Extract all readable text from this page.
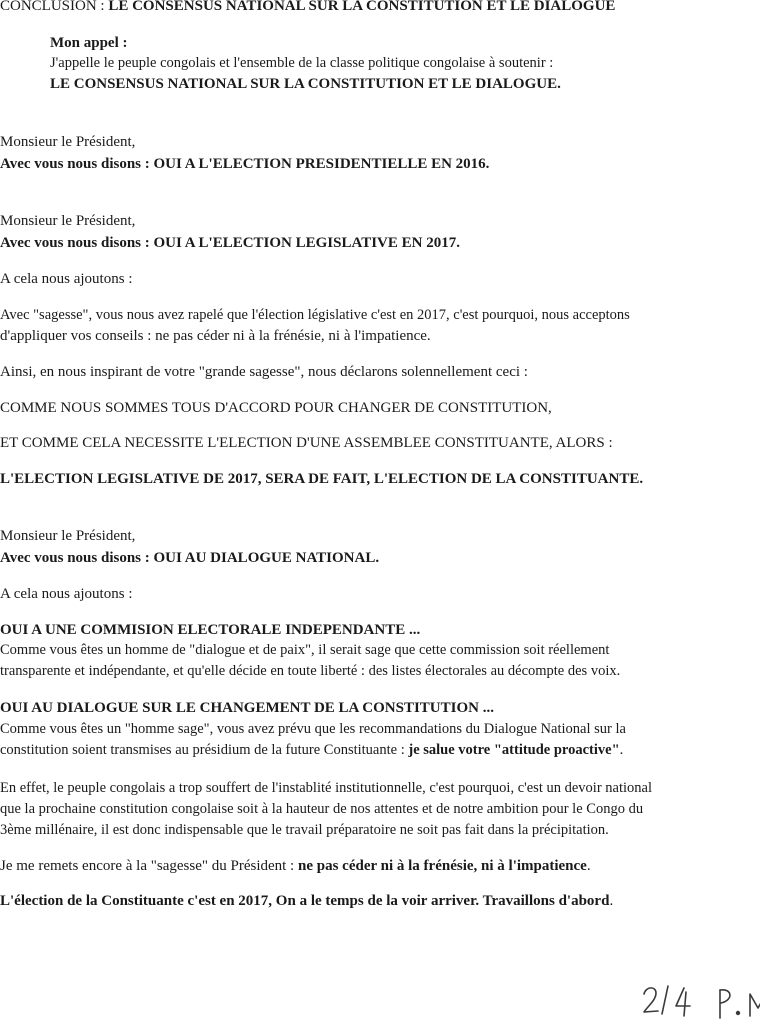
CONCLUSION : LE CONSENSUS NATIONAL SUR LA CONSTITUTION ET LE DIALOGUE
Mon appel :
J'appelle le peuple congolais et l'ensemble de la classe politique congolaise à soutenir :
LE CONSENSUS NATIONAL SUR LA CONSTITUTION ET LE DIALOGUE.
Monsieur le Président,
Avec vous nous disons : OUI A L'ELECTION PRESIDENTIELLE EN 2016.
Monsieur le Président,
Avec vous nous disons : OUI A L'ELECTION LEGISLATIVE EN 2017.
A cela nous ajoutons :
Avec "sagesse", vous nous avez rapelé que l'élection législative c'est en 2017, c'est pourquoi, nous acceptons
d'appliquer vos conseils : ne pas céder ni à la frénésie, ni à l'impatience.
Ainsi, en nous inspirant de votre "grande sagesse", nous déclarons solennellement ceci :
COMME NOUS SOMMES TOUS D'ACCORD POUR CHANGER DE CONSTITUTION,
ET COMME CELA NECESSITE L'ELECTION D'UNE ASSEMBLEE CONSTITUANTE, ALORS :
L'ELECTION LEGISLATIVE DE 2017, SERA DE FAIT, L'ELECTION DE LA CONSTITUANTE.
Monsieur le Président,
Avec vous nous disons : OUI AU DIALOGUE NATIONAL.
A cela nous ajoutons :
OUI A UNE COMMISION ELECTORALE INDEPENDANTE ...
Comme vous êtes un homme de "dialogue et de paix", il serait sage que cette commission soit réellement
transparente et indépendante, et qu'elle décide en toute liberté : des listes électorales au décompte des voix.
OUI AU DIALOGUE SUR LE CHANGEMENT DE LA CONSTITUTION ...
Comme vous êtes un "homme sage", vous avez prévu que les recommandations du Dialogue National sur la
constitution soient transmises au présidium de la future Constituante : je salue votre "attitude proactive".
En effet, le peuple congolais a trop souffert de l'instablité institutionnelle, c'est pourquoi, c'est un devoir national
que la prochaine constitution congolaise soit à la hauteur de nos attentes et de notre ambition pour le Congo du
3ème millénaire, il est donc indispensable que le travail préparatoire ne soit pas fait dans la précipitation.
Je me remets encore à la "sagesse" du Président : ne pas céder ni à la frénésie, ni à l'impatience.
L'élection de la Constituante c'est en 2017, On a le temps de la voir arriver. Travaillons d'abord.
